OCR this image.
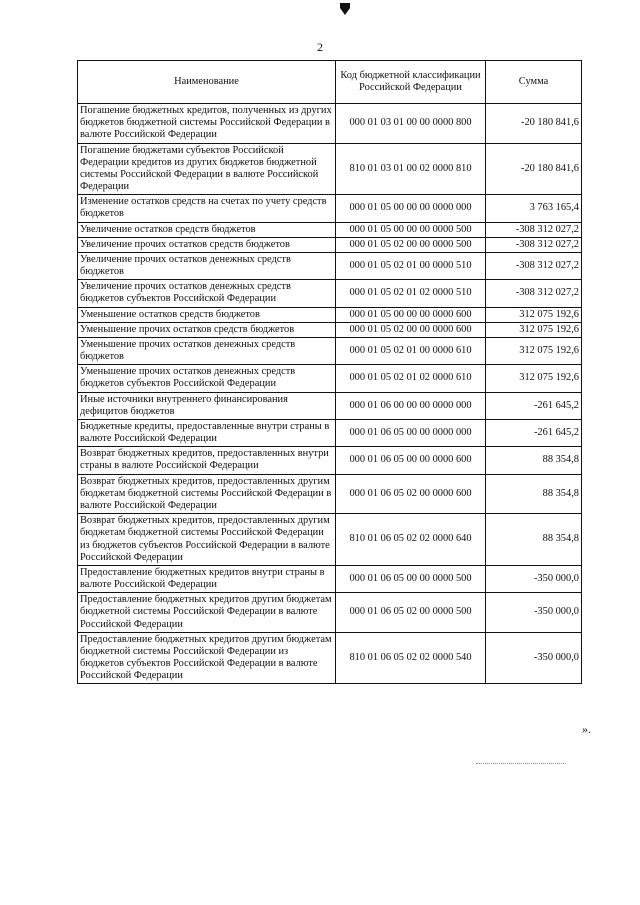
2
Наименование	Код бюджетной классификации Российской Федерации	Сумма
Погашение бюджетных кредитов, полученных из других бюджетов бюджетной системы Российской Федерации в валюте Российской Федерации	000 01 03 01 00 00 0000 800	-20 180 841,6
Погашение бюджетами субъектов Российской Федерации кредитов из других бюджетов бюджетной системы Российской Федерации в валюте Российской Федерации	810 01 03 01 00 02 0000 810	-20 180 841,6
Изменение остатков средств на счетах по учету средств бюджетов	000 01 05 00 00 00 0000 000	3 763 165,4
Увеличение остатков средств бюджетов	000 01 05 00 00 00 0000 500	-308 312 027,2
Увеличение прочих остатков средств бюджетов	000 01 05 02 00 00 0000 500	-308 312 027,2
Увеличение прочих остатков денежных средств бюджетов	000 01 05 02 01 00 0000 510	-308 312 027,2
Увеличение прочих остатков денежных средств бюджетов субъектов Российской Федерации	000 01 05 02 01 02 0000 510	-308 312 027,2
Уменьшение остатков средств бюджетов	000 01 05 00 00 00 0000 600	312 075 192,6
Уменьшение прочих остатков средств бюджетов	000 01 05 02 00 00 0000 600	312 075 192,6
Уменьшение прочих остатков денежных средств бюджетов	000 01 05 02 01 00 0000 610	312 075 192,6
Уменьшение прочих остатков денежных средств бюджетов субъектов Российской Федерации	000 01 05 02 01 02 0000 610	312 075 192,6
Иные источники внутреннего финансирования дефицитов бюджетов	000 01 06 00 00 00 0000 000	-261 645,2
Бюджетные кредиты, предоставленные внутри страны в валюте Российской Федерации	000 01 06 05 00 00 0000 000	-261 645,2
Возврат бюджетных кредитов, предоставленных внутри страны в валюте Российской Федерации	000 01 06 05 00 00 0000 600	88 354,8
Возврат бюджетных кредитов, предоставленных другим бюджетам бюджетной системы Российской Федерации в валюте Российской Федерации	000 01 06 05 02 00 0000 600	88 354,8
Возврат бюджетных кредитов, предоставленных другим бюджетам бюджетной системы Российской Федерации из бюджетов субъектов Российской Федерации в валюте Российской Федерации	810 01 06 05 02 02 0000 640	88 354,8
Предоставление бюджетных кредитов внутри страны в валюте Российской Федерации	000 01 06 05 00 00 0000 500	-350 000,0
Предоставление бюджетных кредитов другим бюджетам бюджетной системы Российской Федерации в валюте Российской Федерации	000 01 06 05 02 00 0000 500	-350 000,0
Предоставление бюджетных кредитов другим бюджетам бюджетной системы Российской Федерации из бюджетов субъектов Российской Федерации в валюте Российской Федерации	810 01 06 05 02 02 0000 540	-350 000,0
».
